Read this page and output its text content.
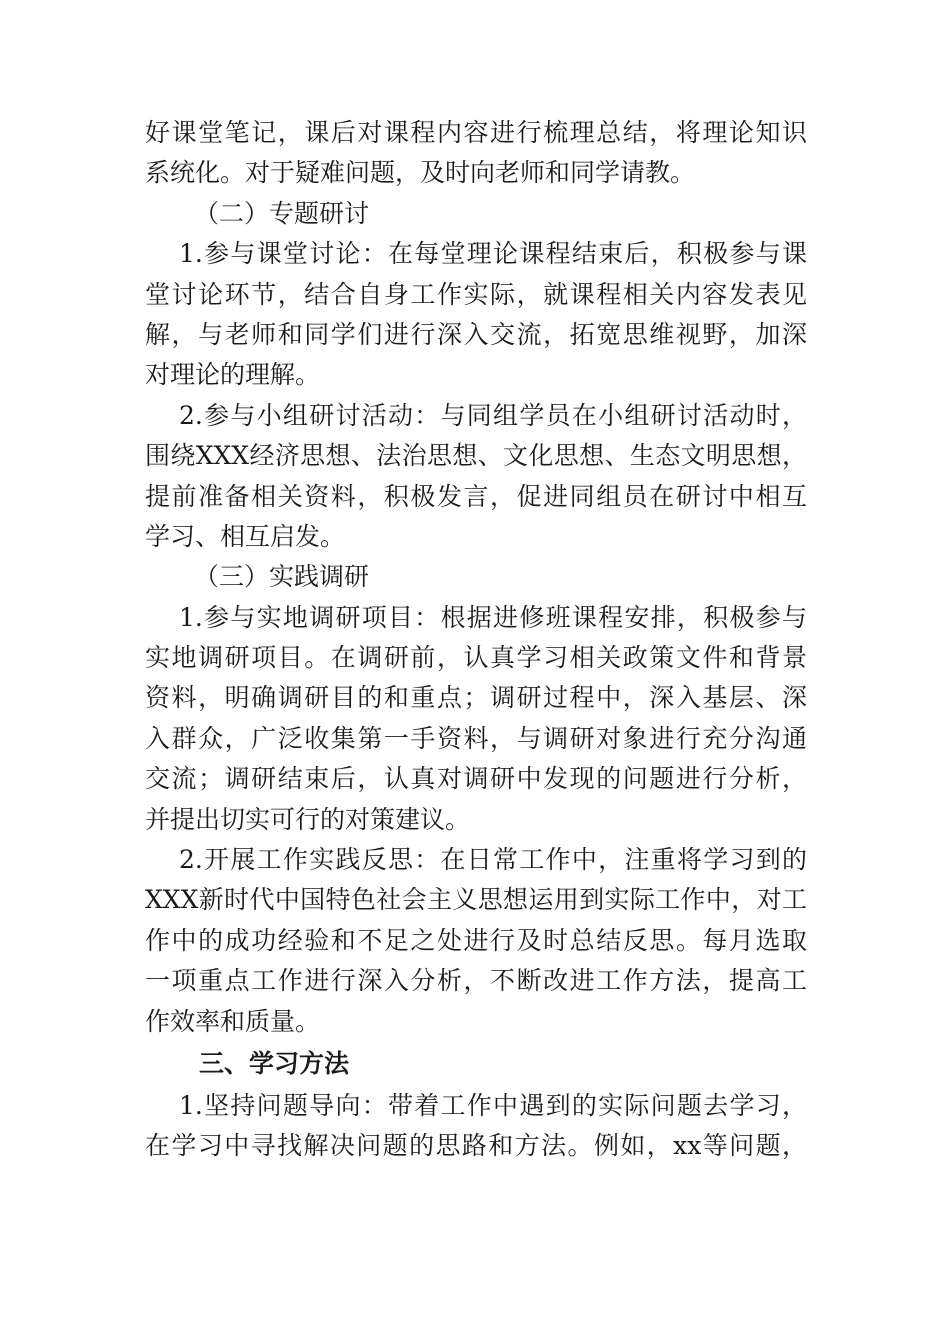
好课堂笔记，课后对课程内容进行梳理总结，将理论知识
系统化。对于疑难问题，及时向老师和同学请教。
（二）专题研讨
1.参与课堂讨论：在每堂理论课程结束后，积极参与课
堂讨论环节，结合自身工作实际，就课程相关内容发表见
解，与老师和同学们进行深入交流，拓宽思维视野，加深
对理论的理解。
2.参与小组研讨活动：与同组学员在小组研讨活动时，
围绕XXX经济思想、法治思想、文化思想、生态文明思想，
提前准备相关资料，积极发言，促进同组员在研讨中相互
学习、相互启发。
（三）实践调研
1.参与实地调研项目：根据进修班课程安排，积极参与
实地调研项目。在调研前，认真学习相关政策文件和背景
资料，明确调研目的和重点；调研过程中，深入基层、深
入群众，广泛收集第一手资料，与调研对象进行充分沟通
交流；调研结束后，认真对调研中发现的问题进行分析，
并提出切实可行的对策建议。
2.开展工作实践反思：在日常工作中，注重将学习到的
XXX新时代中国特色社会主义思想运用到实际工作中，对工
作中的成功经验和不足之处进行及时总结反思。每月选取
一项重点工作进行深入分析，不断改进工作方法，提高工
作效率和质量。
三、学习方法
1.坚持问题导向：带着工作中遇到的实际问题去学习，
在学习中寻找解决问题的思路和方法。例如，xx等问题，
